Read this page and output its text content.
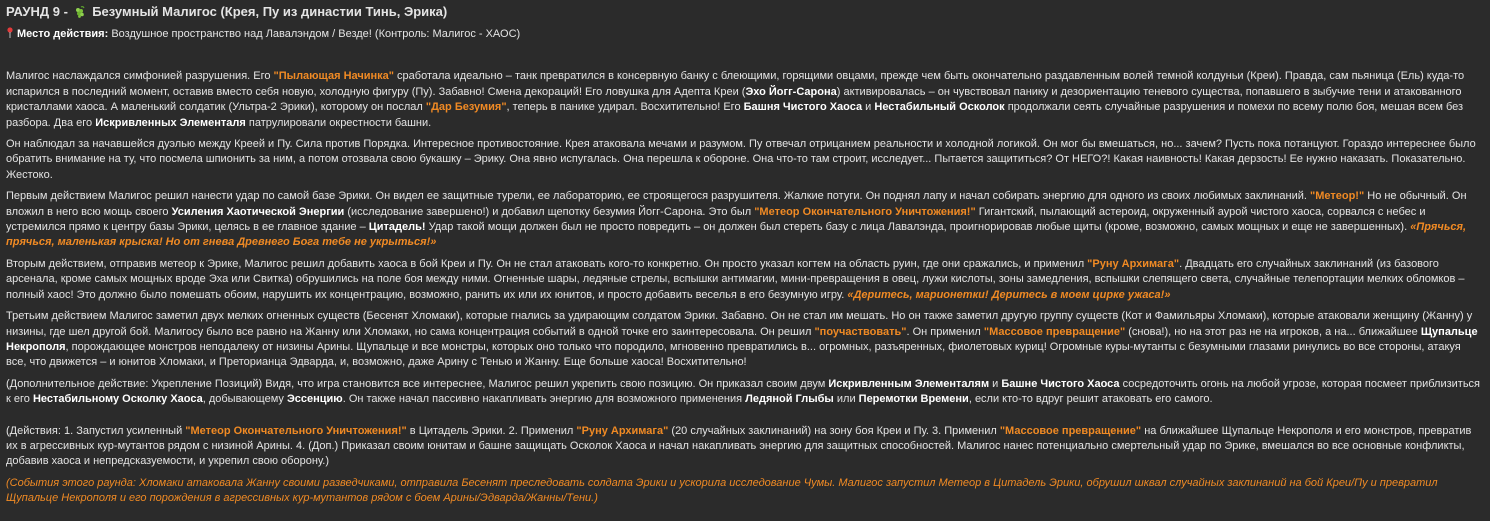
РАУНД 9 - Безумный Малигос (Крея, Пу из династии Тинь, Эрика)
Место действия: Воздушное пространство над Лавалэндом / Везде! (Контроль: Малигос - ХАОС)

Малигос наслаждался симфонией разрушения. Его "Пылающая Начинка" сработала идеально – танк превратился в консервную банку с блеющими, горящими овцами, прежде чем быть окончательно раздавленным волей темной колдуньи (Креи). Правда, сам пьяница (Ель) куда-то испарился в последний момент, оставив вместо себя новую, холодную фигуру (Пу). Забавно! Смена декораций! Его ловушка для Адепта Креи (Эхо Йогг-Сарона) активировалась – он чувствовал панику и дезориентацию теневого существа, попавшего в зыбучие тени и атакованного кристаллами хаоса. А маленький солдатик (Ультра-2 Эрики), которому он послал "Дар Безумия", теперь в панике удирал. Восхитительно! Его Башня Чистого Хаоса и Нестабильный Осколок продолжали сеять случайные разрушения и помехи по всему полю боя, мешая всем без разбора. Два его Искривленных Элементаля патрулировали окрестности башни.

Он наблюдал за начавшейся дуэлью между Креей и Пу. Сила против Порядка. Интересное противостояние. Крея атаковала мечами и разумом. Пу отвечал отрицанием реальности и холодной логикой. Он мог бы вмешаться, но... зачем? Пусть пока потанцуют. Гораздо интереснее было обратить внимание на ту, что посмела шпионить за ним, а потом отозвала свою букашку – Эрику. Она явно испугалась. Она перешла к обороне. Она что-то там строит, исследует... Пытается защититься? От НЕГО?! Какая наивность! Какая дерзость! Ее нужно наказать. Показательно. Жестоко.

Первым действием Малигос решил нанести удар по самой базе Эрики. Он видел ее защитные турели, ее лабораторию, ее строящегося разрушителя. Жалкие потуги. Он поднял лапу и начал собирать энергию для одного из своих любимых заклинаний. "Метеор!" Но не обычный. Он вложил в него всю мощь своего Усиления Хаотической Энергии (исследование завершено!) и добавил щепотку безумия Йогг-Сарона. Это был "Метеор Окончательного Уничтожения!" Гигантский, пылающий астероид, окруженный аурой чистого хаоса, сорвался с небес и устремился прямо к центру базы Эрики, целясь в ее главное здание – Цитадель! Удар такой мощи должен был не просто повредить – он должен был стереть базу с лица Лавалэнда, проигнорировав любые щиты (кроме, возможно, самых мощных и еще не завершенных). «Прячься, прячься, маленькая крыска! Но от гнева Древнего Бога тебе не укрыться!»

Вторым действием, отправив метеор к Эрике, Малигос решил добавить хаоса в бой Креи и Пу. Он не стал атаковать кого-то конкретно. Он просто указал когтем на область руин, где они сражались, и применил "Руну Архимага". Двадцать его случайных заклинаний (из базового арсенала, кроме самых мощных вроде Эха или Свитка) обрушились на поле боя между ними. Огненные шары, ледяные стрелы, вспышки антимагии, мини-превращения в овец, лужи кислоты, зоны замедления, вспышки слепящего света, случайные телепортации мелких обломков – полный хаос! Это должно было помешать обоим, нарушить их концентрацию, возможно, ранить их или их юнитов, и просто добавить веселья в его безумную игру. «Деритесь, марионетки! Деритесь в моем цирке ужаса!»

Третьим действием Малигос заметил двух мелких огненных существ (Бесенят Хломаки), которые гнались за удирающим солдатом Эрики. Забавно. Он не стал им мешать. Но он также заметил другую группу существ (Кот и Фамильяры Хломаки), которые атаковали женщину (Жанну) у низины, где шел другой бой. Малигосу было все равно на Жанну или Хломаки, но сама концентрация событий в одной точке его заинтересовала. Он решил "поучаствовать". Он применил "Массовое превращение" (снова!), но на этот раз не на игроков, а на... ближайшее Щупальце Некрополя, порождающее монстров неподалеку от низины Арины. Щупальце и все монстры, которых оно только что породило, мгновенно превратились в... огромных, разъяренных, фиолетовых куриц! Огромные куры-мутанты с безумными глазами ринулись во все стороны, атакуя все, что движется – и юнитов Хломаки, и Преторианца Эдварда, и, возможно, даже Арину с Тенью и Жанну. Еще больше хаоса! Восхитительно!

(Дополнительное действие: Укрепление Позиций) Видя, что игра становится все интереснее, Малигос решил укрепить свою позицию. Он приказал своим двум Искривленным Элементалям и Башне Чистого Хаоса сосредоточить огонь на любой угрозе, которая посмеет приблизиться к его Нестабильному Осколку Хаоса, добывающему Эссенцию. Он также начал пассивно накапливать энергию для возможного применения Ледяной Глыбы или Перемотки Времени, если кто-то вдруг решит атаковать его самого.

(Действия: 1. Запустил усиленный "Метеор Окончательного Уничтожения!" в Цитадель Эрики. 2. Применил "Руну Архимага" (20 случайных заклинаний) на зону боя Креи и Пу. 3. Применил "Массовое превращение" на ближайшее Щупальце Некрополя и его монстров, превратив их в агрессивных кур-мутантов рядом с низиной Арины. 4. (Доп.) Приказал своим юнитам и башне защищать Осколок Хаоса и начал накапливать энергию для защитных способностей. Малигос нанес потенциально смертельный удар по Эрике, вмешался во все основные конфликты, добавив хаоса и непредсказуемости, и укрепил свою оборону.)

(События этого раунда: Хломаки атаковала Жанну своими разведчиками, отправила Бесенят преследовать солдата Эрики и ускорила исследование Чумы. Малигос запустил Метеор в Цитадель Эрики, обрушил шквал случайных заклинаний на бой Креи/Пу и превратил Щупальце Некрополя и его порождения в агрессивных кур-мутантов рядом с боем Арины/Эдварда/Жанны/Тени.)
